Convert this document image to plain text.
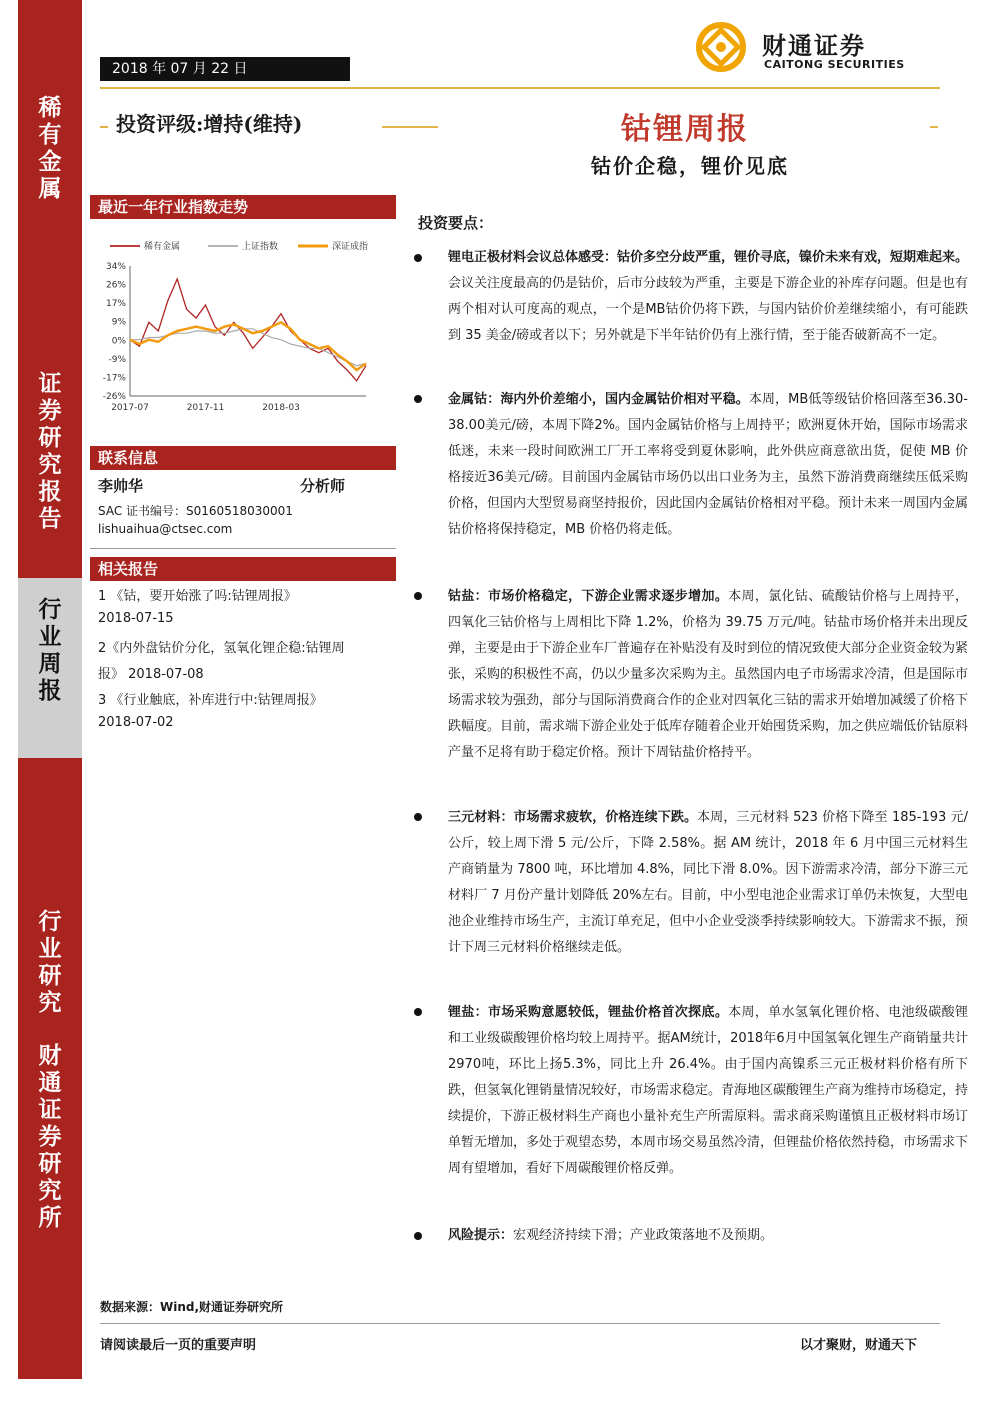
稀
有
金
属
证
券
研
究
报
告
行
业
周
报
行
业
研
究
财
通
证
券
研
究
所
2018 年 07 月 22 日
财通证券
CAITONG SECURITIES
投资评级:增持(维持)	钴锂周报
钴价企稳，锂价见底
最近一年行业指数走势
34%
26%
17%
9%
0%
-9%
-17%
-26%
2017-07	2017-11	2018-03
稀有金属	上证指数	深证成指
联系信息
李帅华	分析师
SAC 证书编号：S0160518030001
lishuaihua@ctsec.com
相关报告
1 《钴，要开始涨了吗:钴锂周报》
2018-07-15
2《内外盘钴价分化，氢氧化锂企稳:钴锂周
报》 2018-07-08
3 《行业触底，补库进行中:钴锂周报》
2018-07-02
投资要点：
锂电正极材料会议总体感受：钴价多空分歧严重，锂价寻底，镍价未来有戏，短期难起来。会议关注度最高的仍是钴价，后市分歧较为严重，主要是下游企业的补库存问题。但是也有两个相对认可度高的观点，一个是MB钴价仍将下跌，与国内钴价价差继续缩小，有可能跌到 35 美金/磅或者以下；另外就是下半年钴价仍有上涨行情，至于能否破新高不一定。
金属钴：海内外价差缩小，国内金属钴价相对平稳。本周，MB低等级钴价格回落至36.30-38.00美元/磅，本周下降2%。国内金属钴价格与上周持平；欧洲夏休开始，国际市场需求低迷，未来一段时间欧洲工厂开工率将受到夏休影响，此外供应商意欲出货，促使 MB 价格接近36美元/磅。目前国内金属钴市场仍以出口业务为主，虽然下游消费商继续压低采购价格，但国内大型贸易商坚持报价，因此国内金属钴价格相对平稳。预计未来一周国内金属钴价格将保持稳定，MB 价格仍将走低。
钴盐：市场价格稳定，下游企业需求逐步增加。本周，氯化钴、硫酸钴价格与上周持平，四氧化三钴价格与上周相比下降 1.2%，价格为 39.75 万元/吨。钴盐市场价格并未出现反弹，主要是由于下游企业车厂普遍存在补贴没有及时到位的情况致使大部分企业资金较为紧张，采购的积极性不高，仍以少量多次采购为主。虽然国内电子市场需求冷清，但是国际市场需求较为强劲，部分与国际消费商合作的企业对四氧化三钴的需求开始增加减缓了价格下跌幅度。目前，需求端下游企业处于低库存随着企业开始囤货采购，加之供应端低价钴原料产量不足将有助于稳定价格。预计下周钴盐价格持平。
三元材料：市场需求疲软，价格连续下跌。本周，三元材料 523 价格下降至 185-193 元/公斤，较上周下滑 5 元/公斤，下降 2.58%。据 AM 统计，2018 年 6 月中国三元材料生产商销量为 7800 吨，环比增加 4.8%，同比下滑 8.0%。因下游需求冷清，部分下游三元材料厂 7 月份产量计划降低 20%左右。目前，中小型电池企业需求订单仍未恢复，大型电池企业维持市场生产，主流订单充足，但中小企业受淡季持续影响较大。下游需求不振，预计下周三元材料价格继续走低。
锂盐：市场采购意愿较低，锂盐价格首次探底。本周，单水氢氧化锂价格、电池级碳酸锂和工业级碳酸锂价格均较上周持平。据AM统计，2018年6月中国氢氧化锂生产商销量共计 2970吨，环比上扬5.3%，同比上升 26.4%。由于国内高镍系三元正极材料价格有所下跌，但氢氧化锂销量情况较好，市场需求稳定。青海地区碳酸锂生产商为维持市场稳定，持续提价，下游正极材料生产商也小量补充生产所需原料。需求商采购谨慎且正极材料市场订单暂无增加，多处于观望态势，本周市场交易虽然冷清，但锂盐价格依然持稳，市场需求下周有望增加，看好下周碳酸锂价格反弹。
风险提示：宏观经济持续下滑；产业政策落地不及预期。
数据来源：Wind,财通证券研究所
请阅读最后一页的重要声明	以才聚财，财通天下
